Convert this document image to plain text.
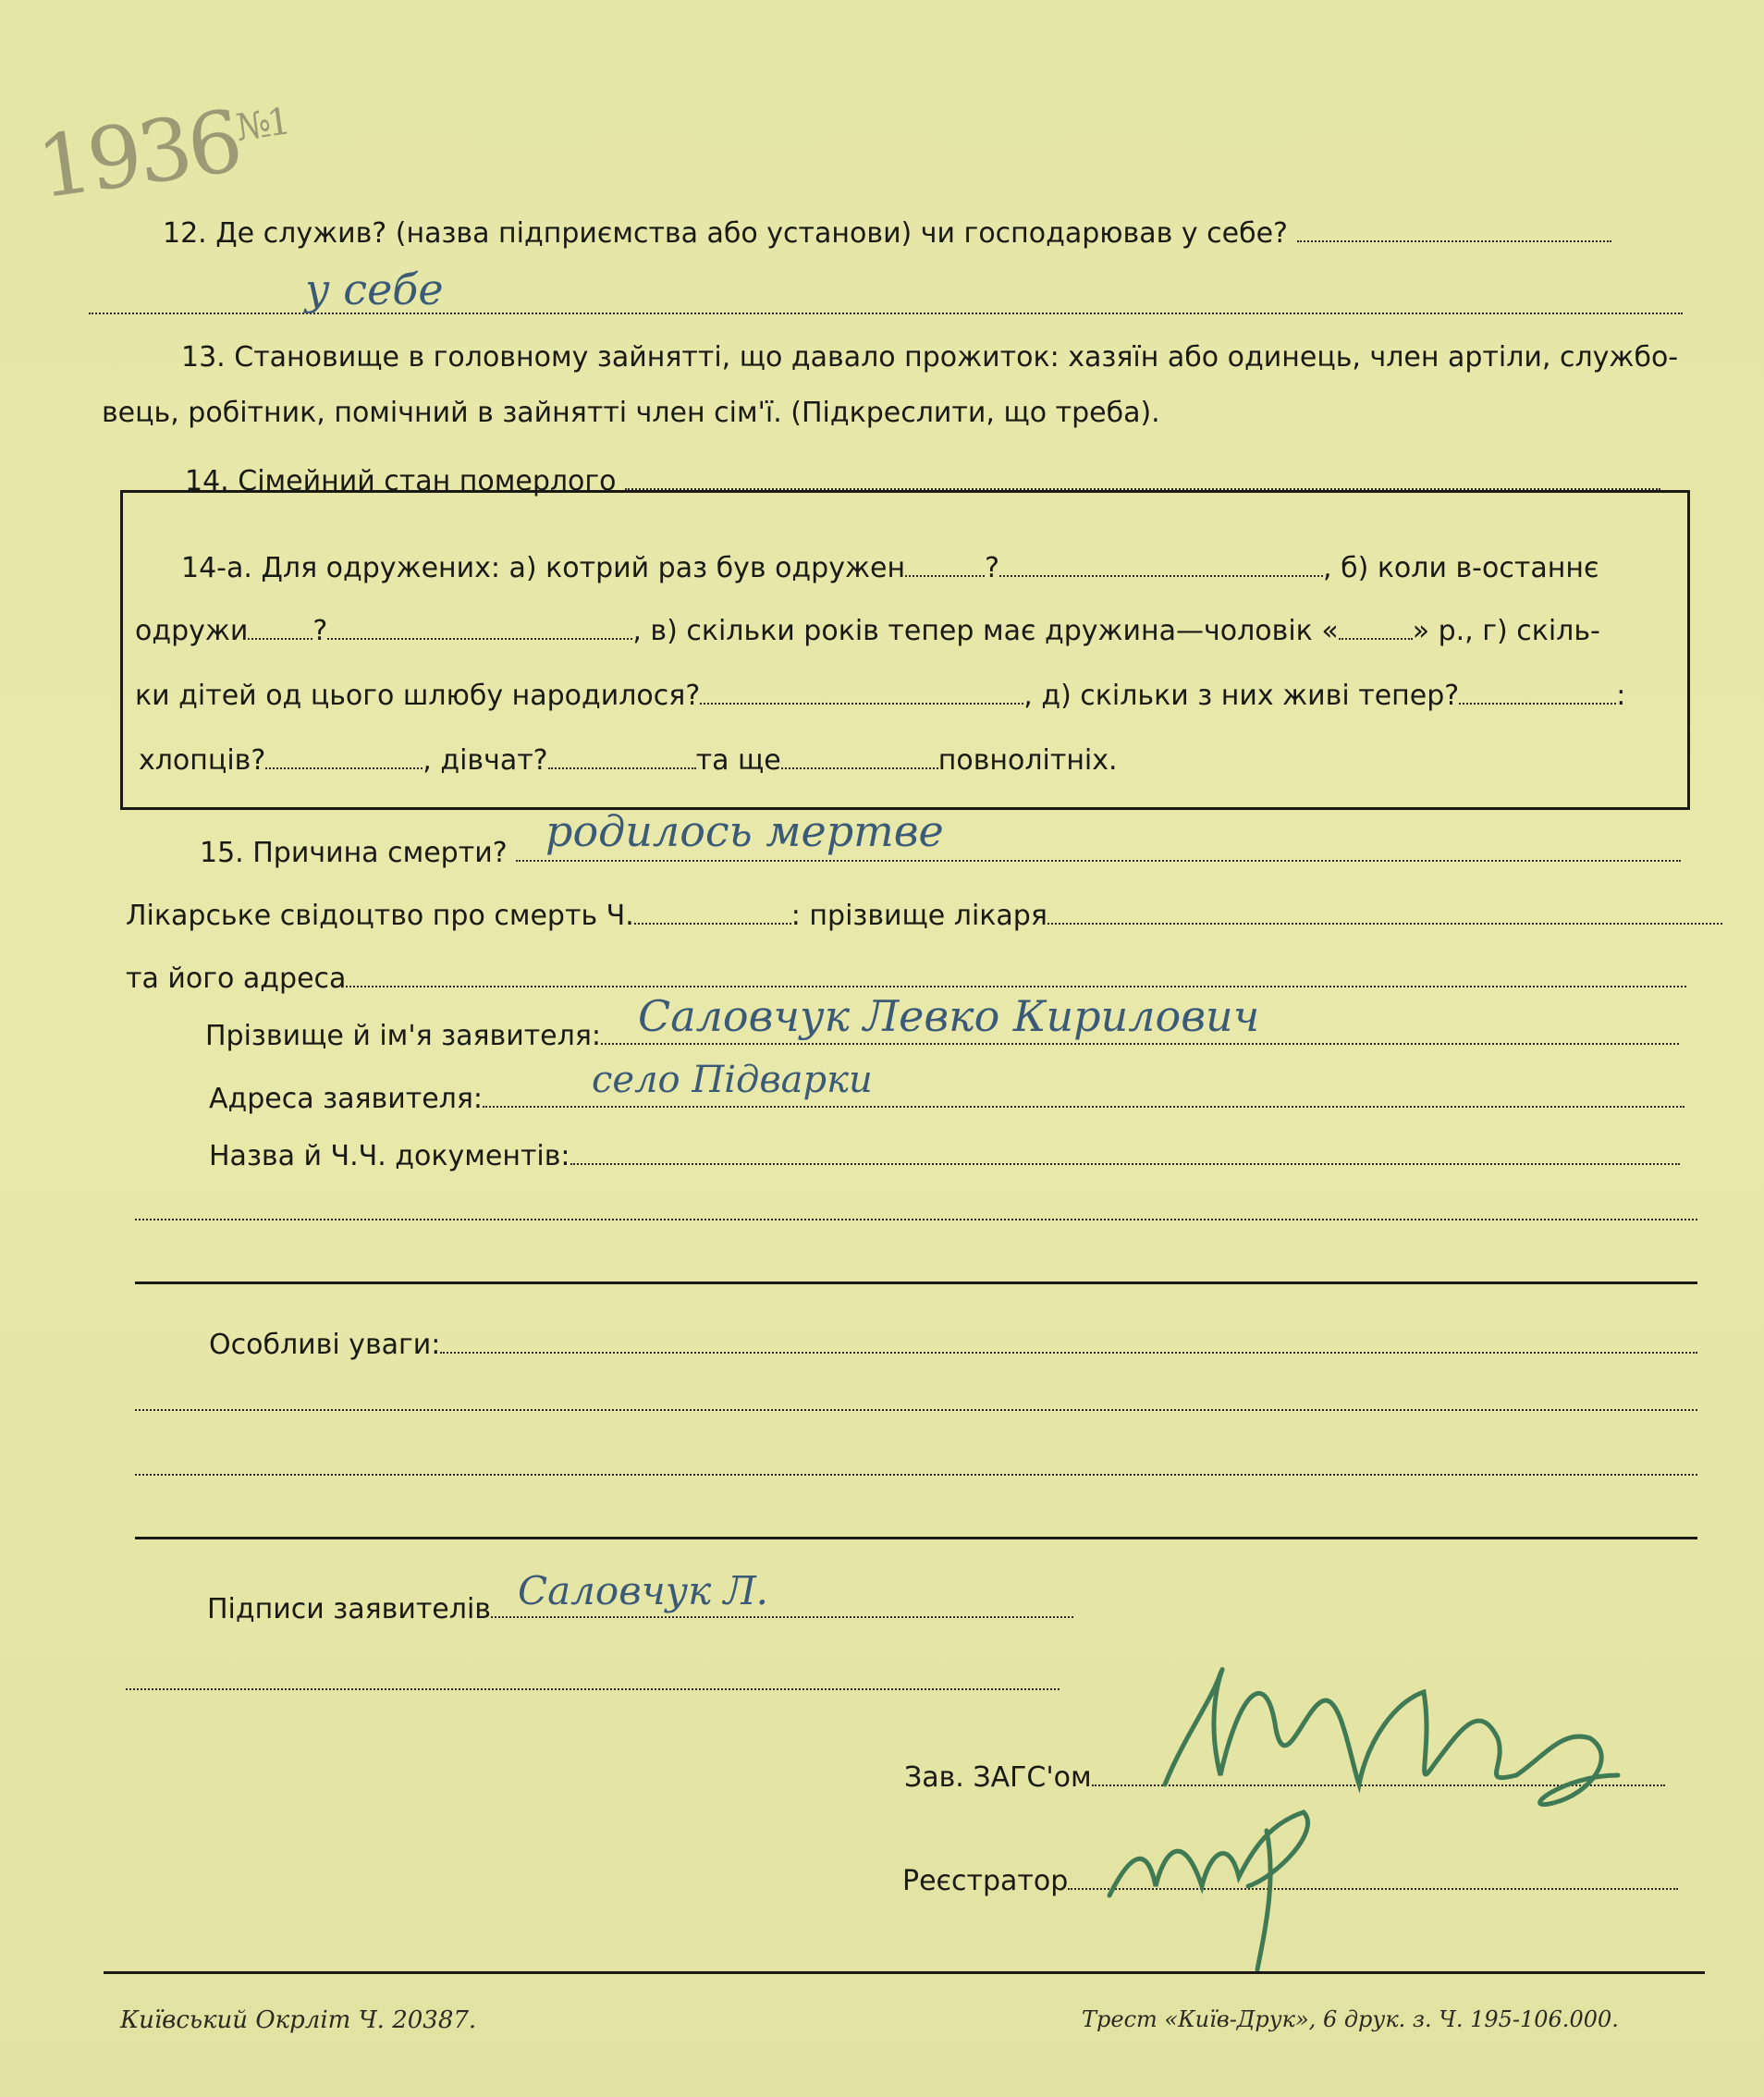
$1936^{№1}$
12. Де служив? (назва підприємства або установи) чи господарював у себе?
у себе
13. Становище в головному зайнятті, що давало прожиток: хазяїн або одинець, член артіли, службо-
вець, робітник, помічний в зайнятті член сім'ї. (Підкреслити, що треба).
14. Сімейний стан померлого
14-а. Для одружених: а) котрий раз був одружен	?	, б) коли в-останнє
одружи ?	, в) скільки років тепер має дружина—чоловік «	» р., г) скіль-
ки дітей од цього шлюбу народилося?	, д) скільки з них живі тепер?	:
хлопців?	, дівчат?	та ще	повнолітніх.
15. Причина смерти? родилось мертве
Лікарське свідоцтво про смерть Ч.	: прізвище лікаря
та його адреса
Прізвище й ім'я заявителя: Саловчук Левко Кирилович
Адреса заявителя:	село Підварки
Назва й Ч.Ч. документів:
Особливі уваги:
Підписи заявителів Саловчук Л.
Зав. ЗАГС'ом
Реєстратор
Київський Окрліт Ч. 20387.	Трест «Київ-Друк», 6 друк. з. Ч. 195-106.000.
